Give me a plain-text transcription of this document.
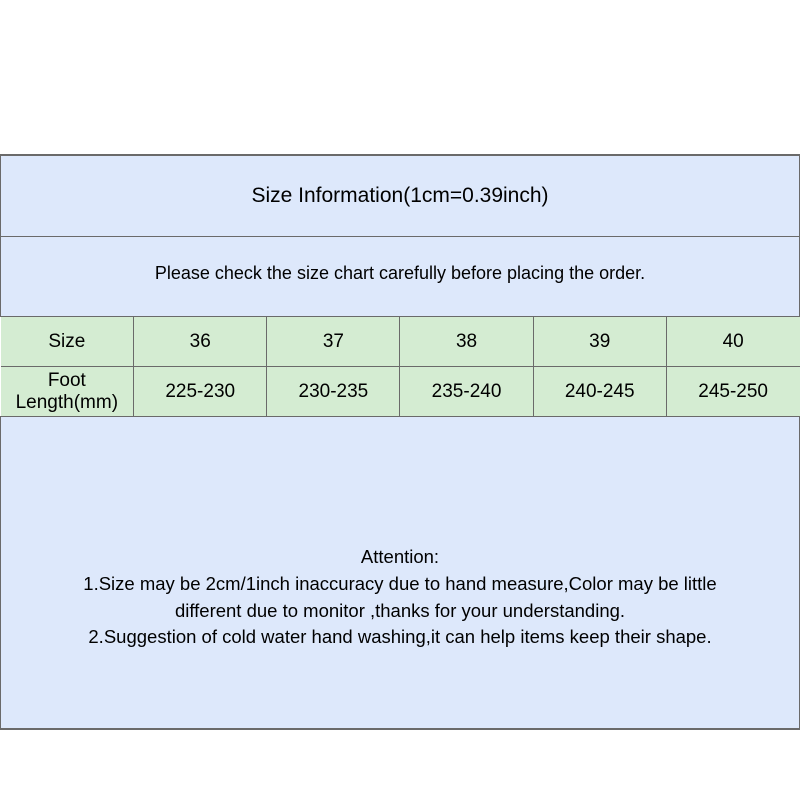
Size Information(1cm=0.39inch)					
Please check the size chart carefully before placing the order.					
Size	36	37	38	39	40
Foot Length(mm)	225-230	230-235	235-240	240-245	245-250

Attention:
1.Size may be 2cm/1inch inaccuracy due to hand measure,Color may be little
different due to monitor ,thanks for your understanding.
2.Suggestion of cold water hand washing,it can help items keep their shape.					
